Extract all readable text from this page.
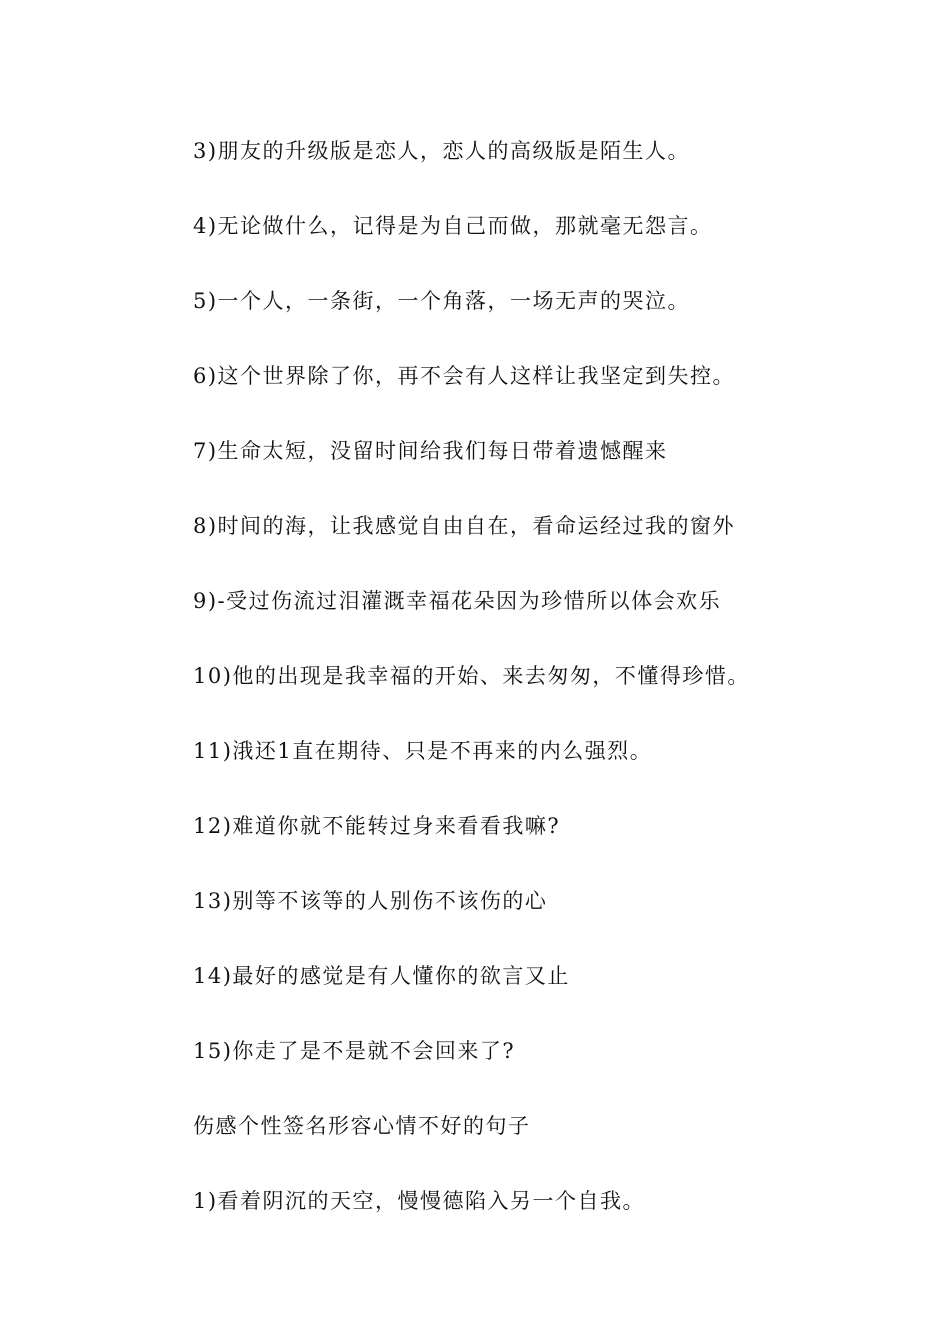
3)朋友的升级版是恋人，恋人的高级版是陌生人。
4)无论做什么，记得是为自己而做，那就毫无怨言。
5)一个人，一条街，一个角落，一场无声的哭泣。
6)这个世界除了你，再不会有人这样让我坚定到失控。
7)生命太短，没留时间给我们每日带着遗憾醒来
8)时间的海，让我感觉自由自在，看命运经过我的窗外
9)-受过伤流过泪灌溉幸福花朵因为珍惜所以体会欢乐
10)他的出现是我幸福的开始、来去匆匆，不懂得珍惜。
11)涐还1直在期待、只是不再来的内么强烈。
12)难道你就不能转过身来看看我嘛?
13)别等不该等的人别伤不该伤的心
14)最好的感觉是有人懂你的欲言又止
15)你走了是不是就不会回来了?
伤感个性签名形容心情不好的句子
1)看着阴沉的天空，慢慢德陷入另一个自我。
